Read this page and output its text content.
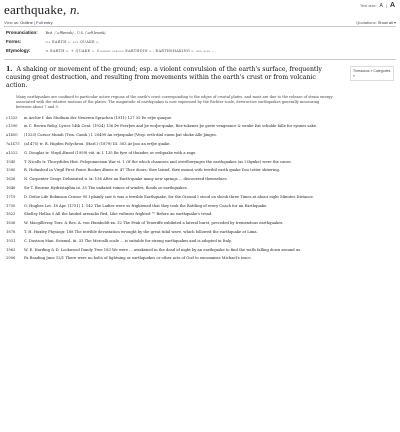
earthquake, n.	Text size: A | A
View as: Outline | Full entry	Quotations: Show all ▾
Pronunciation: Brit. /ˈəːθkweɪk/ , U.S. /ˈərθˌkweɪk/
Forms:	see EARTH n. and QUAKE n.
Etymology:	< EARTH n. + QUAKE n. Compare earlier EARTHDIN n., EARTHSHAKING n. and also ...
1. A shaking or movement of the ground; esp. a violent convulsion of the earth's surface, frequently causing great destruction, and resulting from movements within the earth's crust or from volcanic action.
Thesaurus » Categories »
Many earthquakes are confined to particular active regions of the earth's crust corresponding to the edges of crustal plates, and most are due to the release of strain energy associated with the relative motions of the plates. The magnitude of earthquakes is now expressed by the Richter scale; destructive earthquakes generally measuring between about 7 and 9.
c1325	in Archiv f. das Studium der Neueren Sprachen (1911) 127 35 Þe erþe quaque.
c1390	in C. Brown Relig. Lyrics 14th Cent. (1924) 136 Þe Feerþes and þe eorþe-quake, Bez-tokenes þe grete vengeance & wrake Þat schulde falle for synnes sake.
a1400	(1325) Cursor Mundi (Trin. Camb.) l. 20499 An erþequake [Vesp. erth-dinl euem þat shoke Alle þinges.
?a1475	(a1475) tr. R. Higden Polychron. (Harl.) (1879) III. 303 Ar þoo an ertþe quake.
a1522	G. Douglas tr. Virgil Æneid (1959) viii. ix. l. 135 Be fyre of thunder, or erdquake with a rage.
1540	T. Nicolls tr. Thucydides Hist. Peloponnesian War vi. l. Of the which chaunses and overflowynges the earthquakes (as I thynke) were the cause.
1580	R. Holinshed in Virgil First Foure Bookes Æneis iv. 47 Thee doors, thee lawnd, thee mount with terribil earth quake Doo totter shitering.
1626	N. Carpenter Geogr. Delineated ii. ix. 136 After an Earth-quake many new springs ... discouered themselues.
1646	Sir T. Browne Hydriotaphia iii. 35 The undated ruines of windes, floods or earthquakes.
1719	D. Defoe Life Robinson Crusoe 95 I plainly saw it was a terrible Earthquake, for the Ground I stood on shook three Times at about eight Minutes Distance.
1750	G. Hughes Let. 18 Apr. (1751) 1. 142 The Ladies were so frightened that they took the Rattling of every Coach for an Earthquake.
1822	Shelley Hellas 5 All the landed arrancks fled, Like vultures frighted ™ Before an earthquake's tread.
1836	W. Macgillivray Trav. & Res. A. von Humboldt xx. 32 The Peak of Teneriffe exhibited a lateral burst, preceded by tremendous earthquakes.
1876	T. H. Huxley Physiogr. 188 The terrible devastation wrought by the great tidal wave, which followed the earthquake at Lima.
1931	C. Davison Man. Seismol. iii. 33 The Mercalli scale ... is suitable for strong earthquakes and is adopted in Italy.
1963	W. E. Harding & D. Lockwood Dandy Tree 183 We were ... awakened in the dead of night by an earthquake to find the walls falling down around us.
2006	Fa Reading June 12/1 There were no bolts of lightning or earthquakes or other acts of God to excommise Michael's trace.
